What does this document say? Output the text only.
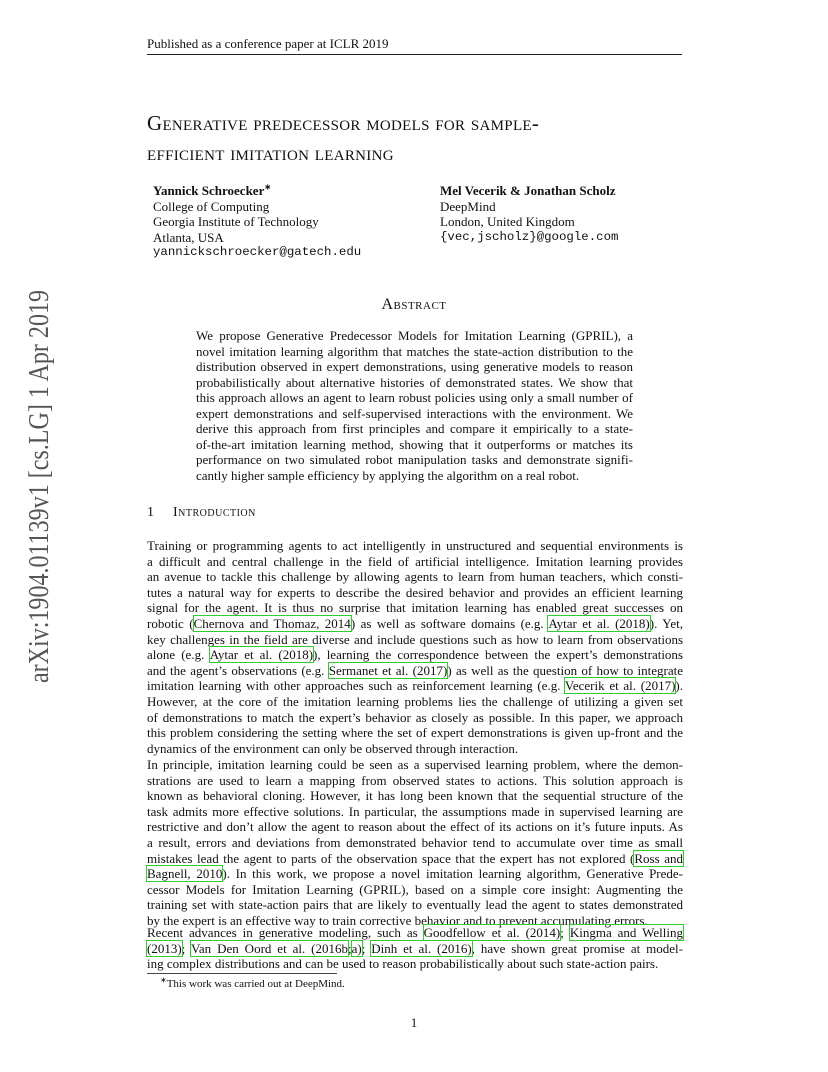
Published as a conference paper at ICLR 2019
arXiv:1904.01139v1 [cs.LG] 1 Apr 2019
Generative predecessor models for sample-
efficient imitation learning
Yannick Schroecker∗
College of Computing
Georgia Institute of Technology
Atlanta, USA
yannickschroecker@gatech.edu
Mel Vecerik & Jonathan Scholz
DeepMind
London, United Kingdom
{vec,jscholz}@google.com
Abstract
We propose Generative Predecessor Models for Imitation Learning (GPRIL), a
novel imitation learning algorithm that matches the state-action distribution to the
distribution observed in expert demonstrations, using generative models to reason
probabilistically about alternative histories of demonstrated states. We show that
this approach allows an agent to learn robust policies using only a small number of
expert demonstrations and self-supervised interactions with the environment. We
derive this approach from first principles and compare it empirically to a state-
of-the-art imitation learning method, showing that it outperforms or matches its
performance on two simulated robot manipulation tasks and demonstrate signifi-
cantly higher sample efficiency by applying the algorithm on a real robot.
1 Introduction
Training or programming agents to act intelligently in unstructured and sequential environments is
a difficult and central challenge in the field of artificial intelligence. Imitation learning provides
an avenue to tackle this challenge by allowing agents to learn from human teachers, which consti-
tutes a natural way for experts to describe the desired behavior and provides an efficient learning
signal for the agent. It is thus no surprise that imitation learning has enabled great successes on
robotic (Chernova and Thomaz, 2014) as well as software domains (e.g. Aytar et al. (2018)). Yet,
key challenges in the field are diverse and include questions such as how to learn from observations
alone (e.g. Aytar et al. (2018)), learning the correspondence between the expert’s demonstrations
and the agent’s observations (e.g. Sermanet et al. (2017)) as well as the question of how to integrate
imitation learning with other approaches such as reinforcement learning (e.g. Vecerik et al. (2017)).
However, at the core of the imitation learning problems lies the challenge of utilizing a given set
of demonstrations to match the expert’s behavior as closely as possible. In this paper, we approach
this problem considering the setting where the set of expert demonstrations is given up-front and the
dynamics of the environment can only be observed through interaction.
In principle, imitation learning could be seen as a supervised learning problem, where the demon-
strations are used to learn a mapping from observed states to actions. This solution approach is
known as behavioral cloning. However, it has long been known that the sequential structure of the
task admits more effective solutions. In particular, the assumptions made in supervised learning are
restrictive and don’t allow the agent to reason about the effect of its actions on it’s future inputs. As
a result, errors and deviations from demonstrated behavior tend to accumulate over time as small
mistakes lead the agent to parts of the observation space that the expert has not explored (Ross and
Bagnell, 2010). In this work, we propose a novel imitation learning algorithm, Generative Prede-
cessor Models for Imitation Learning (GPRIL), based on a simple core insight: Augmenting the
training set with state-action pairs that are likely to eventually lead the agent to states demonstrated
by the expert is an effective way to train corrective behavior and to prevent accumulating errors.
Recent advances in generative modeling, such as Goodfellow et al. (2014); Kingma and Welling
(2013); Van Den Oord et al. (2016b;a); Dinh et al. (2016), have shown great promise at model-
ing complex distributions and can be used to reason probabilistically about such state-action pairs.
∗This work was carried out at DeepMind.
1
